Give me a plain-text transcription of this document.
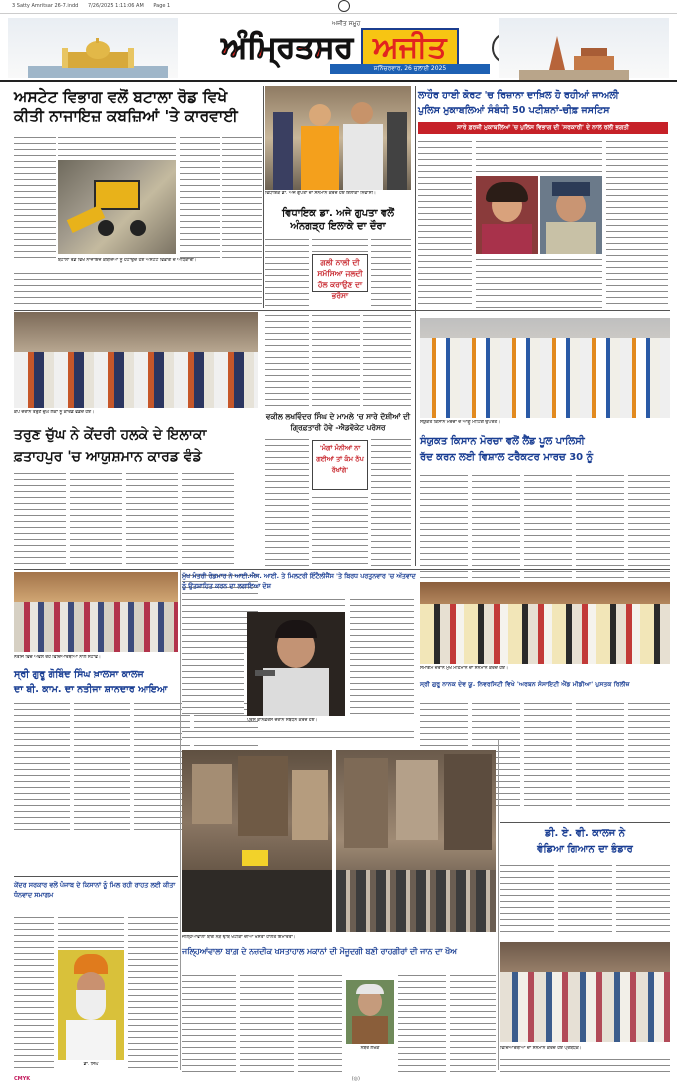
3 Satty Amritsar 26-7.indd 7/26/2025 1:11:06 AM Page 1
ਅੰਮ੍ਰਿਤਸਰ ਅਜੀਤ
ਅਜੀਤ ਸਮੂਹ
ਸ਼ਨਿੱਚਰਵਾਰ, 26 ਜੁਲਾਈ 2025
ਅਸਟੇਟ ਵਿਭਾਗ ਵਲੋਂ ਬਟਾਲਾ ਰੋਡ ਵਿਖੇ
ਕੀਤੀ ਨਾਜਾਇਜ਼ ਕਬਜ਼ਿਆਂ 'ਤੇ ਕਾਰਵਾਈ
ਬਟਾਲਾ ਰੋਡ ਵਿਖੇ ਨਾਜਾਇਜ਼ ਕਬਜ਼ਿਆਂ ਨੂੰ ਹਟਾਉਂਦੇ ਹੋਏ ਅਸਟੇਟ ਵਿਭਾਗ ਦੇ ਅਧਿਕਾਰੀ।
ਵਿਧਾਇਕ ਡਾ. ਅਜੇ ਗੁਪਤਾ ਦਾ ਸਨਮਾਨ ਕਰਦੇ ਹੋਏ ਇਲਾਕਾ ਨਿਵਾਸੀ।
ਵਿਧਾਇਕ ਡਾ. ਅਜੇ ਗੁਪਤਾ ਵਲੋਂ
ਅੰਨਗੜ੍ਹ ਇਲਾਕੇ ਦਾ ਦੌਰਾ
ਗਲੀ ਨਾਲੀ ਦੀ ਸਮੱਸਿਆ ਜਲਦੀ ਹੱਲ ਕਰਾਉਣ ਦਾ ਭਰੋਸਾ
ਲਾਹੌਰ ਹਾਈ ਕੋਰਟ 'ਚ ਰਿਜ਼ਾਨਾ ਦਾਖ਼ਿਲ ਹੋ ਰਹੀਆਂ ਜਾਅਲੀ
ਪੁਲਿਸ ਮੁਕਾਬਲਿਆਂ ਸੰਬੰਧੀ 50 ਪਟੀਸ਼ਨਾਂ-ਚੀਫ਼ ਜਸਟਿਸ
ਸਾਰੇ ਫ਼ਰਜ਼ੀ ਮੁਕਾਬਲਿਆਂ 'ਚ ਪੁਲਿਸ ਵਿਭਾਗ ਦੀ 'ਸਰਕਾਰੀ' ਦੇ ਨਾਲ ਰਲੀ ਭਗਤੀ
ਕੈਂਪ ਦੌਰਾਨ ਤਰੁਣ ਚੁੱਘ ਲੋਕਾਂ ਨੂੰ ਕਾਰਡ ਵੰਡਦੇ ਹੋਏ।
ਤਰੁਣ ਚੁੱਘ ਨੇ ਕੇਂਦਰੀ ਹਲਕੇ ਦੇ ਇਲਾਕਾ
ਫ਼ਤਾਹਪੁਰ 'ਚ ਆਯੁਸ਼ਮਾਨ ਕਾਰਡ ਵੰਡੇ
ਵਕੀਲ ਲਖਵਿੰਦਰ ਸਿੰਘ ਦੇ ਮਾਮਲੇ 'ਚ ਸਾਰੇ ਦੋਸ਼ੀਆਂ ਦੀ ਗ੍ਰਿਫ਼ਤਾਰੀ ਹੋਵੇ -ਐਡਵੋਕੇਟ ਪਰੋਸਰ
'ਮੰਗਾਂ ਮੰਨੀਆਂ ਨਾ ਗਈਆਂ ਤਾਂ ਕੰਮ ਠੱਪ ਰੱਖਾਂਗੇ'
ਸੰਯੁਕਤ ਕਿਸਾਨ ਮੋਰਚਾ ਦੇ ਆਗੂ ਮੀਟਿੰਗ ਉਪਰੰਤ।
ਸੰਯੁਕਤ ਕਿਸਾਨ ਮੋਰਚਾ ਵਲੋਂ ਲੈਂਡ ਪੂਲ ਪਾਲਿਸੀ
ਰੱਦ ਕਰਨ ਲਈ ਵਿਸ਼ਾਲ ਟਰੈਕਟਰ ਮਾਰਚ 30 ਨੂੰ
ਨਤੀਜੇ ਵਿਚ ਅੱਵਲ ਰਹੇ ਵਿਦਿਆਰਥੀਆਂ ਨਾਲ ਸਟਾਫ਼।
ਸ੍ਰੀ ਗੁਰੂ ਗੋਬਿੰਦ ਸਿੰਘ ਖ਼ਾਲਸਾ ਕਾਲਜ
ਦਾ ਬੀ. ਕਾਮ. ਦਾ ਨਤੀਜਾ ਸ਼ਾਨਦਾਰ ਆਇਆ
ਮੁੱਖ ਮੰਤਰੀ ਰੋਡਮਾਰ ਨੇ ਆਈ.ਐਸ. ਆਈ. ਤੇ ਮਿਲਟਰੀ ਇੰਟੈਲੀਜੈਂਸ 'ਤੇ ਬਿਰਧ ਪਰਤੁਨਵਾਰ 'ਚ ਅੱਤਵਾਦ ਨੂੰ ਉਤਸ਼ਾਹਿਤ ਕਰਨ ਦਾ ਲਗਾਇਆ ਦੋਸ਼
ਪ੍ਰੈਸ ਕਾਨਫ਼ਰੰਸ ਦੌਰਾਨ ਸੰਬੋਧਨ ਕਰਦੇ ਹੋਏ।
ਸਮਾਗਮ ਦੌਰਾਨ ਮੁੱਖ ਮਹਿਮਾਨ ਦਾ ਸਨਮਾਨ ਕਰਦੇ ਹੋਏ।
ਸ੍ਰੀ ਗੁਰੂ ਨਾਨਕ ਦੇਵ ਯੂ. ਨਿਵਰਸਿਟੀ ਵਿਖੇ 'ਅਰਬਨ ਸੋਸਾਇਟੀ ਐਂਡ ਮੀਡੀਆ' ਪੁਸਤਕ ਰਿਲੀਜ਼
ਡੀ. ਏ. ਵੀ. ਕਾਲਜ ਨੇ
ਵੰਡਿਆ ਗਿਆਨ ਦਾ ਭੰਡਾਰ
ਜਲ੍ਹਿਆਂਵਾਲਾ ਬਾਗ ਨੇੜੇ ਢਾਬ ਖਟੀਕਾਂ ਦੀਆਂ ਖਸਤਾ ਹਾਲਤ ਇਮਾਰਤਾਂ।
ਕੇਂਦਰ ਸਰਕਾਰ ਵਲੋਂ ਪੰਜਾਬ ਦੇ ਕਿਸਾਨਾਂ ਨੂੰ ਮਿਲ ਰਹੀ ਰਾਹਤ ਲਈ ਕੀਤਾ ਧੰਨਵਾਦ ਸਮਾਗਮ
ਡਾ. ਸਿੰਘ
ਜਲ੍ਹਿਆਂਵਾਲਾ ਬਾਗ਼ ਦੇ ਨਜ਼ਦੀਕ ਖਸਤਾਹਾਲ ਮਕਾਨਾਂ ਦੀ ਮੌਜੂਦਗੀ ਬਣੀ ਰਾਹਗੀਰਾਂ ਦੀ ਜਾਨ ਦਾ ਖੌਅ
ਨੰਬਰ ਲੇਖਕ	ਵਿਦਿਆਰਥੀਆਂ ਦਾ ਸਨਮਾਨ ਕਰਦੇ ਹੋਏ ਪ੍ਰਬੰਧਕ।
CMYK	(◎)
